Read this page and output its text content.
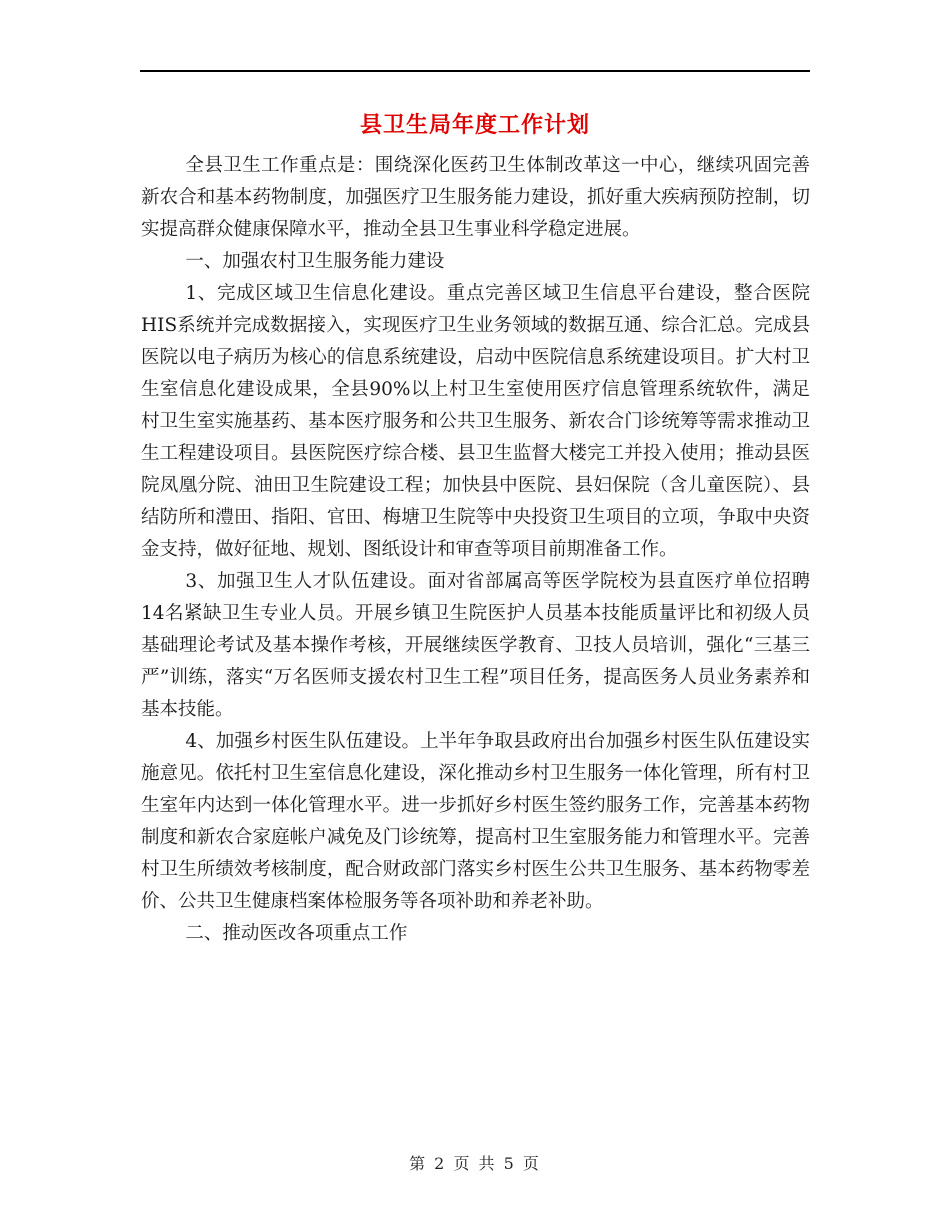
县卫生局年度工作计划

全县卫生工作重点是：围绕深化医药卫生体制改革这一中心，继续巩固完善新农合和基本药物制度，加强医疗卫生服务能力建设，抓好重大疾病预防控制，切实提高群众健康保障水平，推动全县卫生事业科学稳定进展。

一、加强农村卫生服务能力建设

1、完成区域卫生信息化建设。重点完善区域卫生信息平台建设，整合医院HIS系统并完成数据接入，实现医疗卫生业务领域的数据互通、综合汇总。完成县医院以电子病历为核心的信息系统建设，启动中医院信息系统建设项目。扩大村卫生室信息化建设成果，全县90%以上村卫生室使用医疗信息管理系统软件，满足村卫生室实施基药、基本医疗服务和公共卫生服务、新农合门诊统筹等需求推动卫生工程建设项目。县医院医疗综合楼、县卫生监督大楼完工并投入使用；推动县医院凤凰分院、油田卫生院建设工程；加快县中医院、县妇保院（含儿童医院）、县结防所和澧田、指阳、官田、梅塘卫生院等中央投资卫生项目的立项，争取中央资金支持，做好征地、规划、图纸设计和审查等项目前期准备工作。

3、加强卫生人才队伍建设。面对省部属高等医学院校为县直医疗单位招聘14名紧缺卫生专业人员。开展乡镇卫生院医护人员基本技能质量评比和初级人员基础理论考试及基本操作考核，开展继续医学教育、卫技人员培训，强化“三基三严”训练，落实“万名医师支援农村卫生工程”项目任务，提高医务人员业务素养和基本技能。

4、加强乡村医生队伍建设。上半年争取县政府出台加强乡村医生队伍建设实施意见。依托村卫生室信息化建设，深化推动乡村卫生服务一体化管理，所有村卫生室年内达到一体化管理水平。进一步抓好乡村医生签约服务工作，完善基本药物制度和新农合家庭帐户减免及门诊统筹，提高村卫生室服务能力和管理水平。完善村卫生所绩效考核制度，配合财政部门落实乡村医生公共卫生服务、基本药物零差价、公共卫生健康档案体检服务等各项补助和养老补助。

二、推动医改各项重点工作

第 2 页 共 5 页
